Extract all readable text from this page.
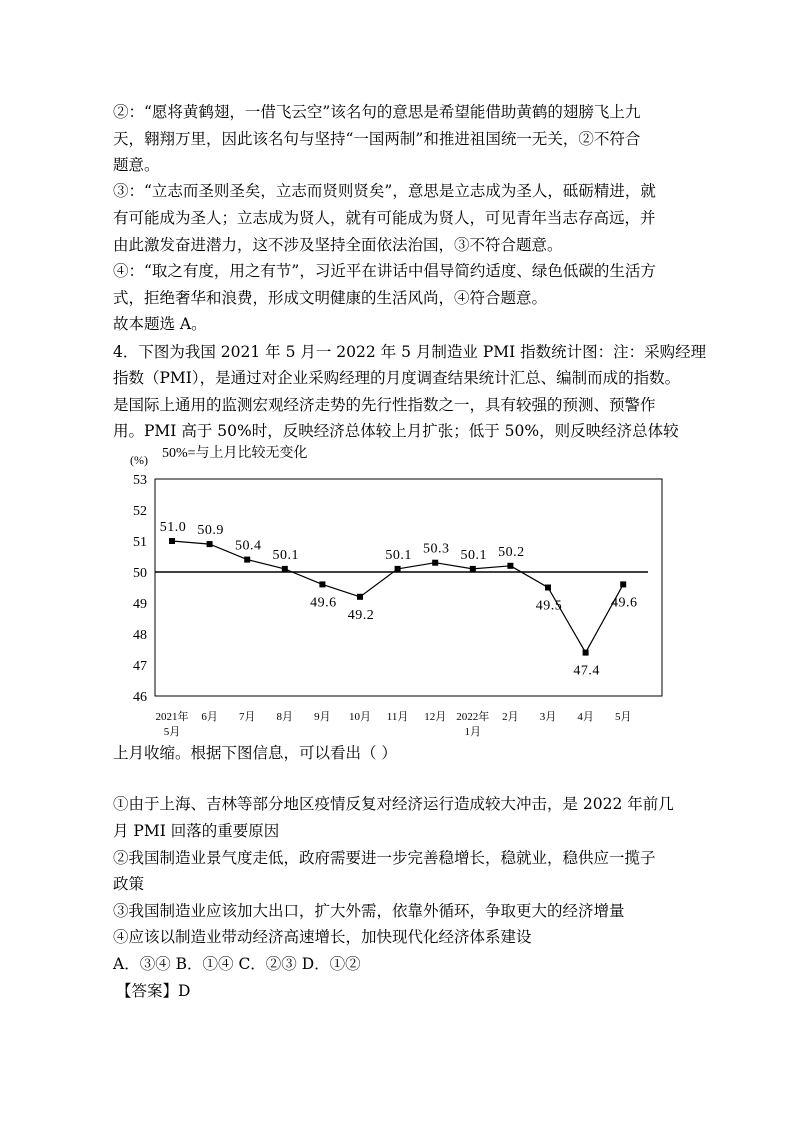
②：“愿将黄鹤翅，一借飞云空”该名句的意思是希望能借助黄鹤的翅膀飞上九
天，翱翔万里，因此该名句与坚持“一国两制”和推进祖国统一无关，②不符合
题意。
③：“立志而圣则圣矣，立志而贤则贤矣”，意思是立志成为圣人，砥砺精进，就
有可能成为圣人；立志成为贤人，就有可能成为贤人，可见青年当志存高远，并
由此激发奋进潜力，这不涉及坚持全面依法治国，③不符合题意。
④：“取之有度，用之有节”，习近平在讲话中倡导简约适度、绿色低碳的生活方
式，拒绝奢华和浪费，形成文明健康的生活风尚，④符合题意。
故本题选 A。
4．下图为我国 2021 年 5 月一 2022 年 5 月制造业 PMI 指数统计图：注：采购经理
指数（PMI），是通过对企业采购经理的月度调查结果统计汇总、编制而成的指数。
是国际上通用的监测宏观经济走势的先行性指数之一，具有较强的预测、预警作
用。PMI 高于 50%时，反映经济总体较上月扩张；低于 50%，则反映经济总体较
(%) 50%=与上月比较无变化
46
47
48
49
50
51
52
53
51.0 50.9
50.4
50.1
49.6
49.2
50.1 50.3 50.1 50.2
49.5
47.4
49.6
2021年
5月
6月 7月 8月 9月 10月 11月 12月 2022年
1月
2月 3月 4月 5月
上月收缩。根据下图信息，可以看出（ ）
①由于上海、吉林等部分地区疫情反复对经济运行造成较大冲击，是 2022 年前几
月 PMI 回落的重要原因
②我国制造业景气度走低，政府需要进一步完善稳增长，稳就业，稳供应一揽子
政策
③我国制造业应该加大出口，扩大外需，依靠外循环，争取更大的经济增量
④应该以制造业带动经济高速增长，加快现代化经济体系建设
A．③④ B．①④ C．②③ D．①②
【答案】D
